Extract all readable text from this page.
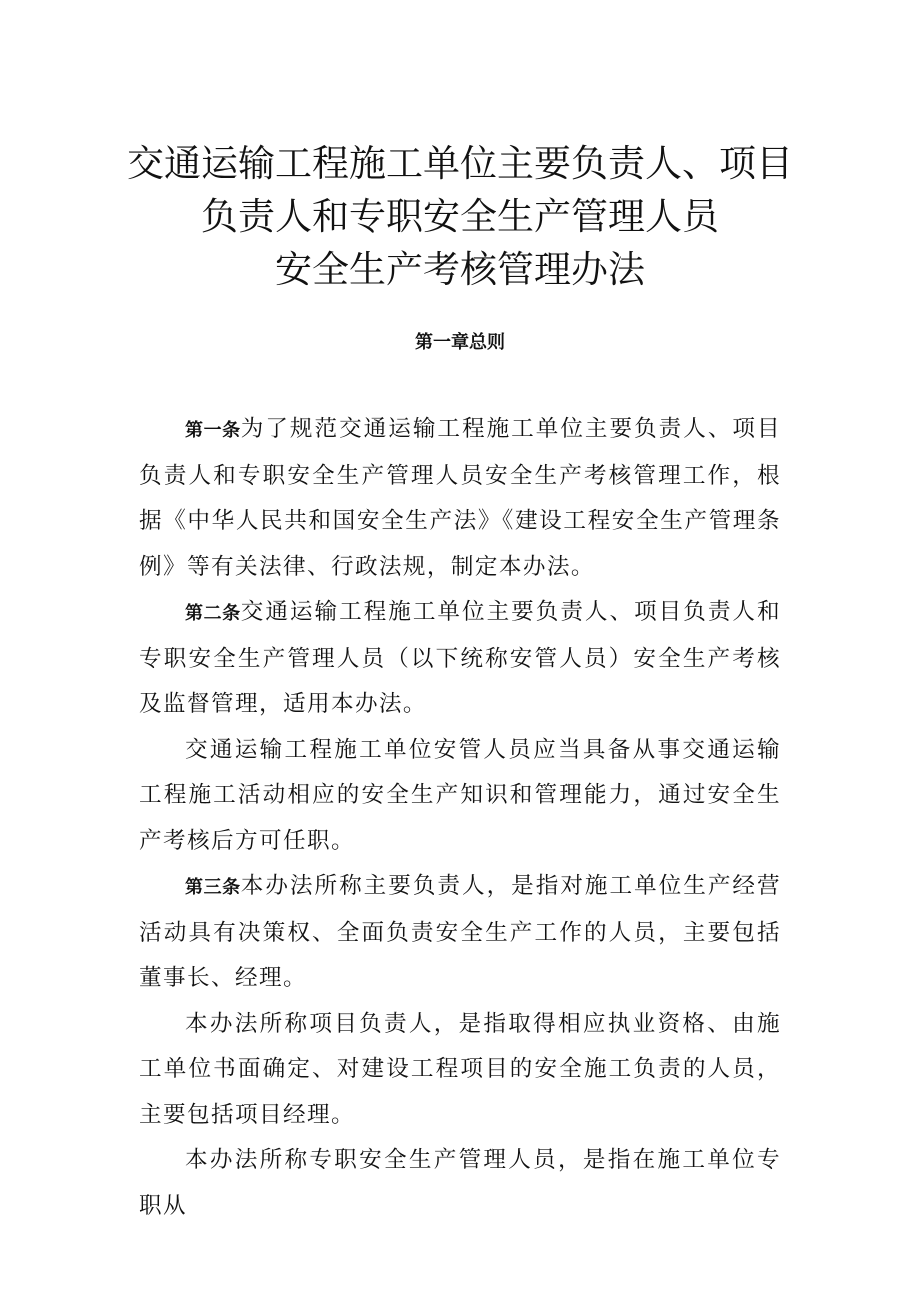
交通运输工程施工单位主要负责人、项目
负责人和专职安全生产管理人员
安全生产考核管理办法
第一章总则

第一条为了规范交通运输工程施工单位主要负责人、项目负责人和专职安全生产管理人员安全生产考核管理工作，根据《中华人民共和国安全生产法》《建设工程安全生产管理条例》等有关法律、行政法规，制定本办法。

第二条交通运输工程施工单位主要负责人、项目负责人和专职安全生产管理人员（以下统称安管人员）安全生产考核及监督管理，适用本办法。

交通运输工程施工单位安管人员应当具备从事交通运输工程施工活动相应的安全生产知识和管理能力，通过安全生产考核后方可任职。

第三条本办法所称主要负责人，是指对施工单位生产经营活动具有决策权、全面负责安全生产工作的人员，主要包括董事长、经理。

本办法所称项目负责人，是指取得相应执业资格、由施工单位书面确定、对建设工程项目的安全施工负责的人员，主要包括项目经理。

本办法所称专职安全生产管理人员，是指在施工单位专职从
